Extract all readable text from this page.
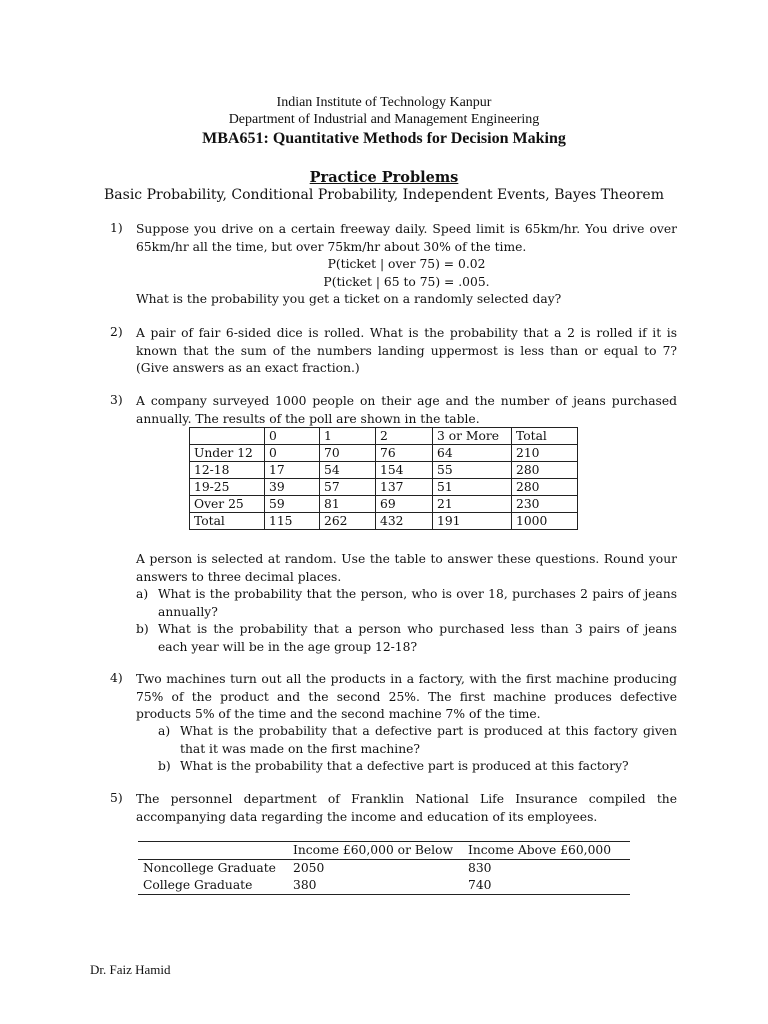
Indian Institute of Technology Kanpur
Department of Industrial and Management Engineering
MBA651: Quantitative Methods for Decision Making
Practice Problems
Basic Probability, Conditional Probability, Independent Events, Bayes Theorem
1) Suppose you drive on a certain freeway daily. Speed limit is 65km/hr. You drive over 65km/hr all the time, but over 75km/hr about 30% of the time.

P(ticket | over 75) = 0.02

P(ticket | 65 to 75) = .005.

What is the probability you get a ticket on a randomly selected day?

2) A pair of fair 6-sided dice is rolled. What is the probability that a 2 is rolled if it is known that the sum of the numbers landing uppermost is less than or equal to 7? (Give answers as an exact fraction.)

3) A company surveyed 1000 people on their age and the number of jeans purchased annually. The results of the poll are shown in the table.

	0	1	2	3 or More	Total
Under 12	0	70	76	64	210
12-18	17	54	154	55	280
19-25	39	57	137	51	280
Over 25	59	81	69	21	230
Total	115	262	432	191	1000

A person is selected at random. Use the table to answer these questions. Round your answers to three decimal places.

a) What is the probability that the person, who is over 18, purchases 2 pairs of jeans annually?
b) What is the probability that a person who purchased less than 3 pairs of jeans each year will be in the age group 12-18?
4) Two machines turn out all the products in a factory, with the first machine producing 75% of the product and the second 25%. The first machine produces defective products 5% of the time and the second machine 7% of the time.

a) What is the probability that a defective part is produced at this factory given that it was made on the first machine?
b) What is the probability that a defective part is produced at this factory?
5) The personnel department of Franklin National Life Insurance compiled the accompanying data regarding the income and education of its employees.

	Income £60,000 or Below	Income Above £60,000
Noncollege Graduate	2050	830
College Graduate	380	740
Dr. Faiz Hamid
